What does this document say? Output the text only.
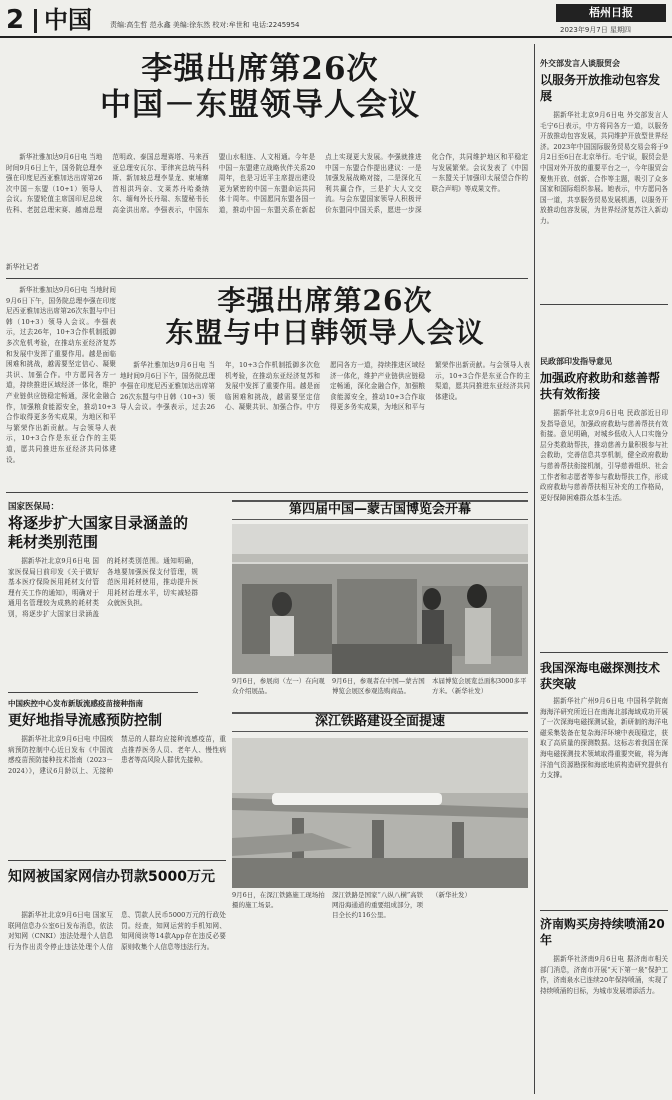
2 中国	责编:高生哲 范永鑫 美编:徐东然 校对:牟世和 电话:2245954
梧州日报
2023年9月7日 星期四
李强出席第26次
中国－东盟领导人会议
新华社雅加达9月6日电 当地时间9月6日上午，国务院总理李强在印度尼西亚雅加达出席第26次中国－东盟（10+1）领导人会议。东盟轮值主席国印尼总统佐科、老挝总理宋赛、越南总理范明政、泰国总理赛塔、马来西亚总理安瓦尔、菲律宾总统马科斯、新加坡总理李显龙、柬埔寨首相洪玛奈、文莱苏丹哈桑纳尔、缅甸外长丹瑞、东盟秘书长高金洪出席。李强表示，中国东盟山水相连、人文相通。今年是中国－东盟建立战略伙伴关系20周年，也是习近平主席提出建设更为紧密的中国－东盟命运共同体十周年。中国愿同东盟各国一道，推动中国－东盟关系在新起点上实现更大发展。李强就推进中国－东盟合作提出建议：一是加强发展战略对接，二是深化互利共赢合作，三是扩大人文交流。与会东盟国家领导人积极评价东盟同中国关系，愿进一步深化合作，共同维护地区和平稳定与发展繁荣。会议发表了《中国－东盟关于加强印太展望合作的联合声明》等成果文件。
新华社记者
新华社雅加达9月6日电 当地时间9月6日下午，国务院总理李强在印度尼西亚雅加达出席第26次东盟与中日韩（10+3）领导人会议。李强表示，过去26年，10+3合作机制抵御多次危机考验，在推动东亚经济复苏和发展中发挥了重要作用。越是面临困难和挑战，越需要坚定信心、凝聚共识、加强合作。中方愿同各方一道，持续推进区域经济一体化，维护产业链供应链稳定畅通，深化金融合作，加强粮食能源安全，推动10+3合作取得更多务实成果，为地区和平与繁荣作出新贡献。与会领导人表示，10+3合作是东亚合作的主渠道，愿共同推进东亚经济共同体建设。
李强出席第26次
东盟与中日韩领导人会议
新华社雅加达9月6日电 当地时间9月6日下午，国务院总理李强在印度尼西亚雅加达出席第26次东盟与中日韩（10+3）领导人会议。李强表示，过去26年，10+3合作机制抵御多次危机考验，在推动东亚经济复苏和发展中发挥了重要作用。越是面临困难和挑战，越需要坚定信心、凝聚共识、加强合作。中方愿同各方一道，持续推进区域经济一体化，维护产业链供应链稳定畅通，深化金融合作，加强粮食能源安全，推动10+3合作取得更多务实成果，为地区和平与繁荣作出新贡献。与会领导人表示，10+3合作是东亚合作的主渠道，愿共同推进东亚经济共同体建设。
国家医保局：
将逐步扩大国家目录涵盖的耗材类别范围
据新华社北京9月6日电 国家医保局日前印发《关于做好基本医疗保险医用耗材支付管理有关工作的通知》，明确对于通用名管理较为成熟的耗材类别，将逐步扩大国家目录涵盖的耗材类别范围。通知明确，各地要加强医保支付管理，规范医用耗材使用，推动提升医用耗材治理水平，切实减轻群众就医负担。
中国疾控中心发布新版流感疫苗接种指南
更好地指导流感预防控制
据新华社北京9月6日电 中国疾病预防控制中心近日发布《中国流感疫苗预防接种技术指南（2023－2024）》，建议6月龄以上、无接种禁忌的人群均应接种流感疫苗，重点推荐医务人员、老年人、慢性病患者等高风险人群优先接种。
知网被国家网信办罚款5000万元
据新华社北京9月6日电 国家互联网信息办公室6日发布消息，依法对知网（CNKI）违法处理个人信息行为作出责令停止违法处理个人信息、罚款人民币5000万元的行政处罚。经查，知网运营的手机知网、知网阅读等14款App存在违反必要原则收集个人信息等违法行为。
第四届中国—蒙古国博览会开幕
9月6日，参展商（左一）在向观众介绍展品。
9月6日，参观者在中国—蒙古国博览会展区参观选购商品。
本届博览会展览总面积3000多平方米。（新华社发）
深江铁路建设全面提速
9月6日，在深江铁路施工现场拍摄的施工场景。
深江铁路是国家“八纵八横”高铁网沿海通道的重要组成部分，项目全长约116公里。
（新华社发）
外交部发言人谈服贸会
以服务开放推动包容发展
据新华社北京9月6日电 外交部发言人毛宁6日表示，中方将同各方一道，以服务开放推动包容发展，共同维护开放型世界经济。2023年中国国际服务贸易交易会将于9月2日至6日在北京举行。毛宁说，服贸会是中国对外开放的重要平台之一，今年服贸会聚焦开放、创新、合作等主题，吸引了众多国家和国际组织参展。她表示，中方愿同各国一道，共享服务贸易发展机遇，以服务开放推动包容发展，为世界经济复苏注入新动力。
民政部印发指导意见
加强政府救助和慈善帮扶有效衔接
据新华社北京9月6日电 民政部近日印发指导意见，加强政府救助与慈善帮扶有效衔接。意见明确，对城乡低收入人口实施分层分类救助帮扶，推动慈善力量积极参与社会救助，完善信息共享机制，健全政府救助与慈善帮扶衔接机制，引导慈善组织、社会工作者和志愿者等参与救助帮扶工作，形成政府救助与慈善帮扶相互补充的工作格局，更好保障困难群众基本生活。
我国深海电磁探测技术获突破
据新华社广州9月6日电 中国科学院南海海洋研究所近日在南海北部海域成功开展了一次深海电磁探测试验，新研制的海洋电磁采集装备在复杂海洋环境中表现稳定，获取了高质量的探测数据。这标志着我国在深海电磁探测技术领域取得重要突破，将为海洋油气资源勘探和海底地质构造研究提供有力支撑。
济南购买房持续喷涌20年
据新华社济南9月6日电 据济南市相关部门消息，济南市开展“天下第一泉”保护工作，济南泉水已连续20年保持喷涌，实现了持续喷涌的目标，为城市发展增添活力。
